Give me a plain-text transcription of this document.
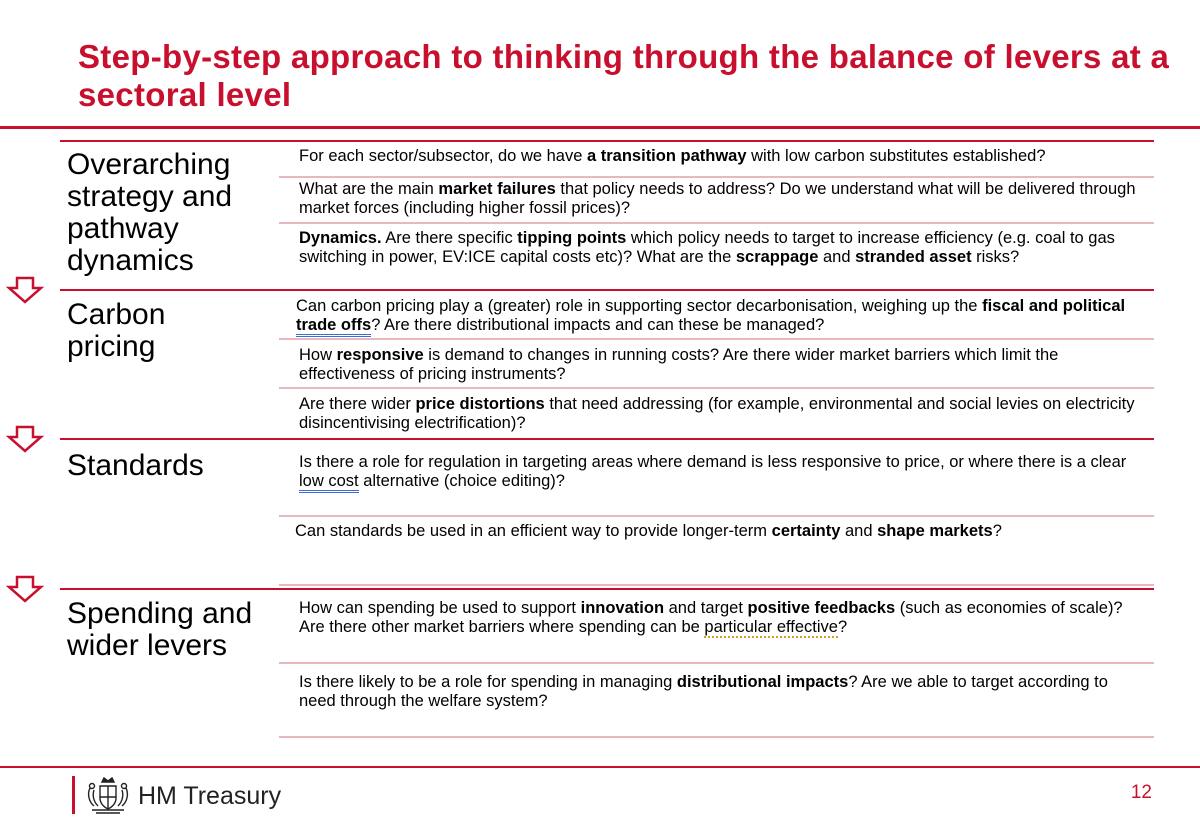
Step-by-step approach to thinking through the balance of levers at a sectoral level
Overarching strategy and pathway dynamics
Carbon pricing
Standards
Spending and wider levers
For each sector/subsector, do we have a transition pathway with low carbon substitutes established?
What are the main market failures that policy needs to address? Do we understand what will be delivered through market forces (including higher fossil prices)?
Dynamics. Are there specific tipping points which policy needs to target to increase efficiency (e.g. coal to gas switching in power, EV:ICE capital costs etc)? What are the scrappage and stranded asset risks?
Can carbon pricing play a (greater) role in supporting sector decarbonisation, weighing up the fiscal and political trade offs? Are there distributional impacts and can these be managed?
How responsive is demand to changes in running costs? Are there wider market barriers which limit the effectiveness of pricing instruments?
Are there wider price distortions that need addressing (for example, environmental and social levies on electricity disincentivising electrification)?
Is there a role for regulation in targeting areas where demand is less responsive to price, or where there is a clear low cost alternative (choice editing)?
Can standards be used in an efficient way to provide longer-term certainty and shape markets?
How can spending be used to support innovation and target positive feedbacks (such as economies of scale)? Are there other market barriers where spending can be particular effective?
Is there likely to be a role for spending in managing distributional impacts? Are we able to target according to need through the welfare system?
HM Treasury	12
